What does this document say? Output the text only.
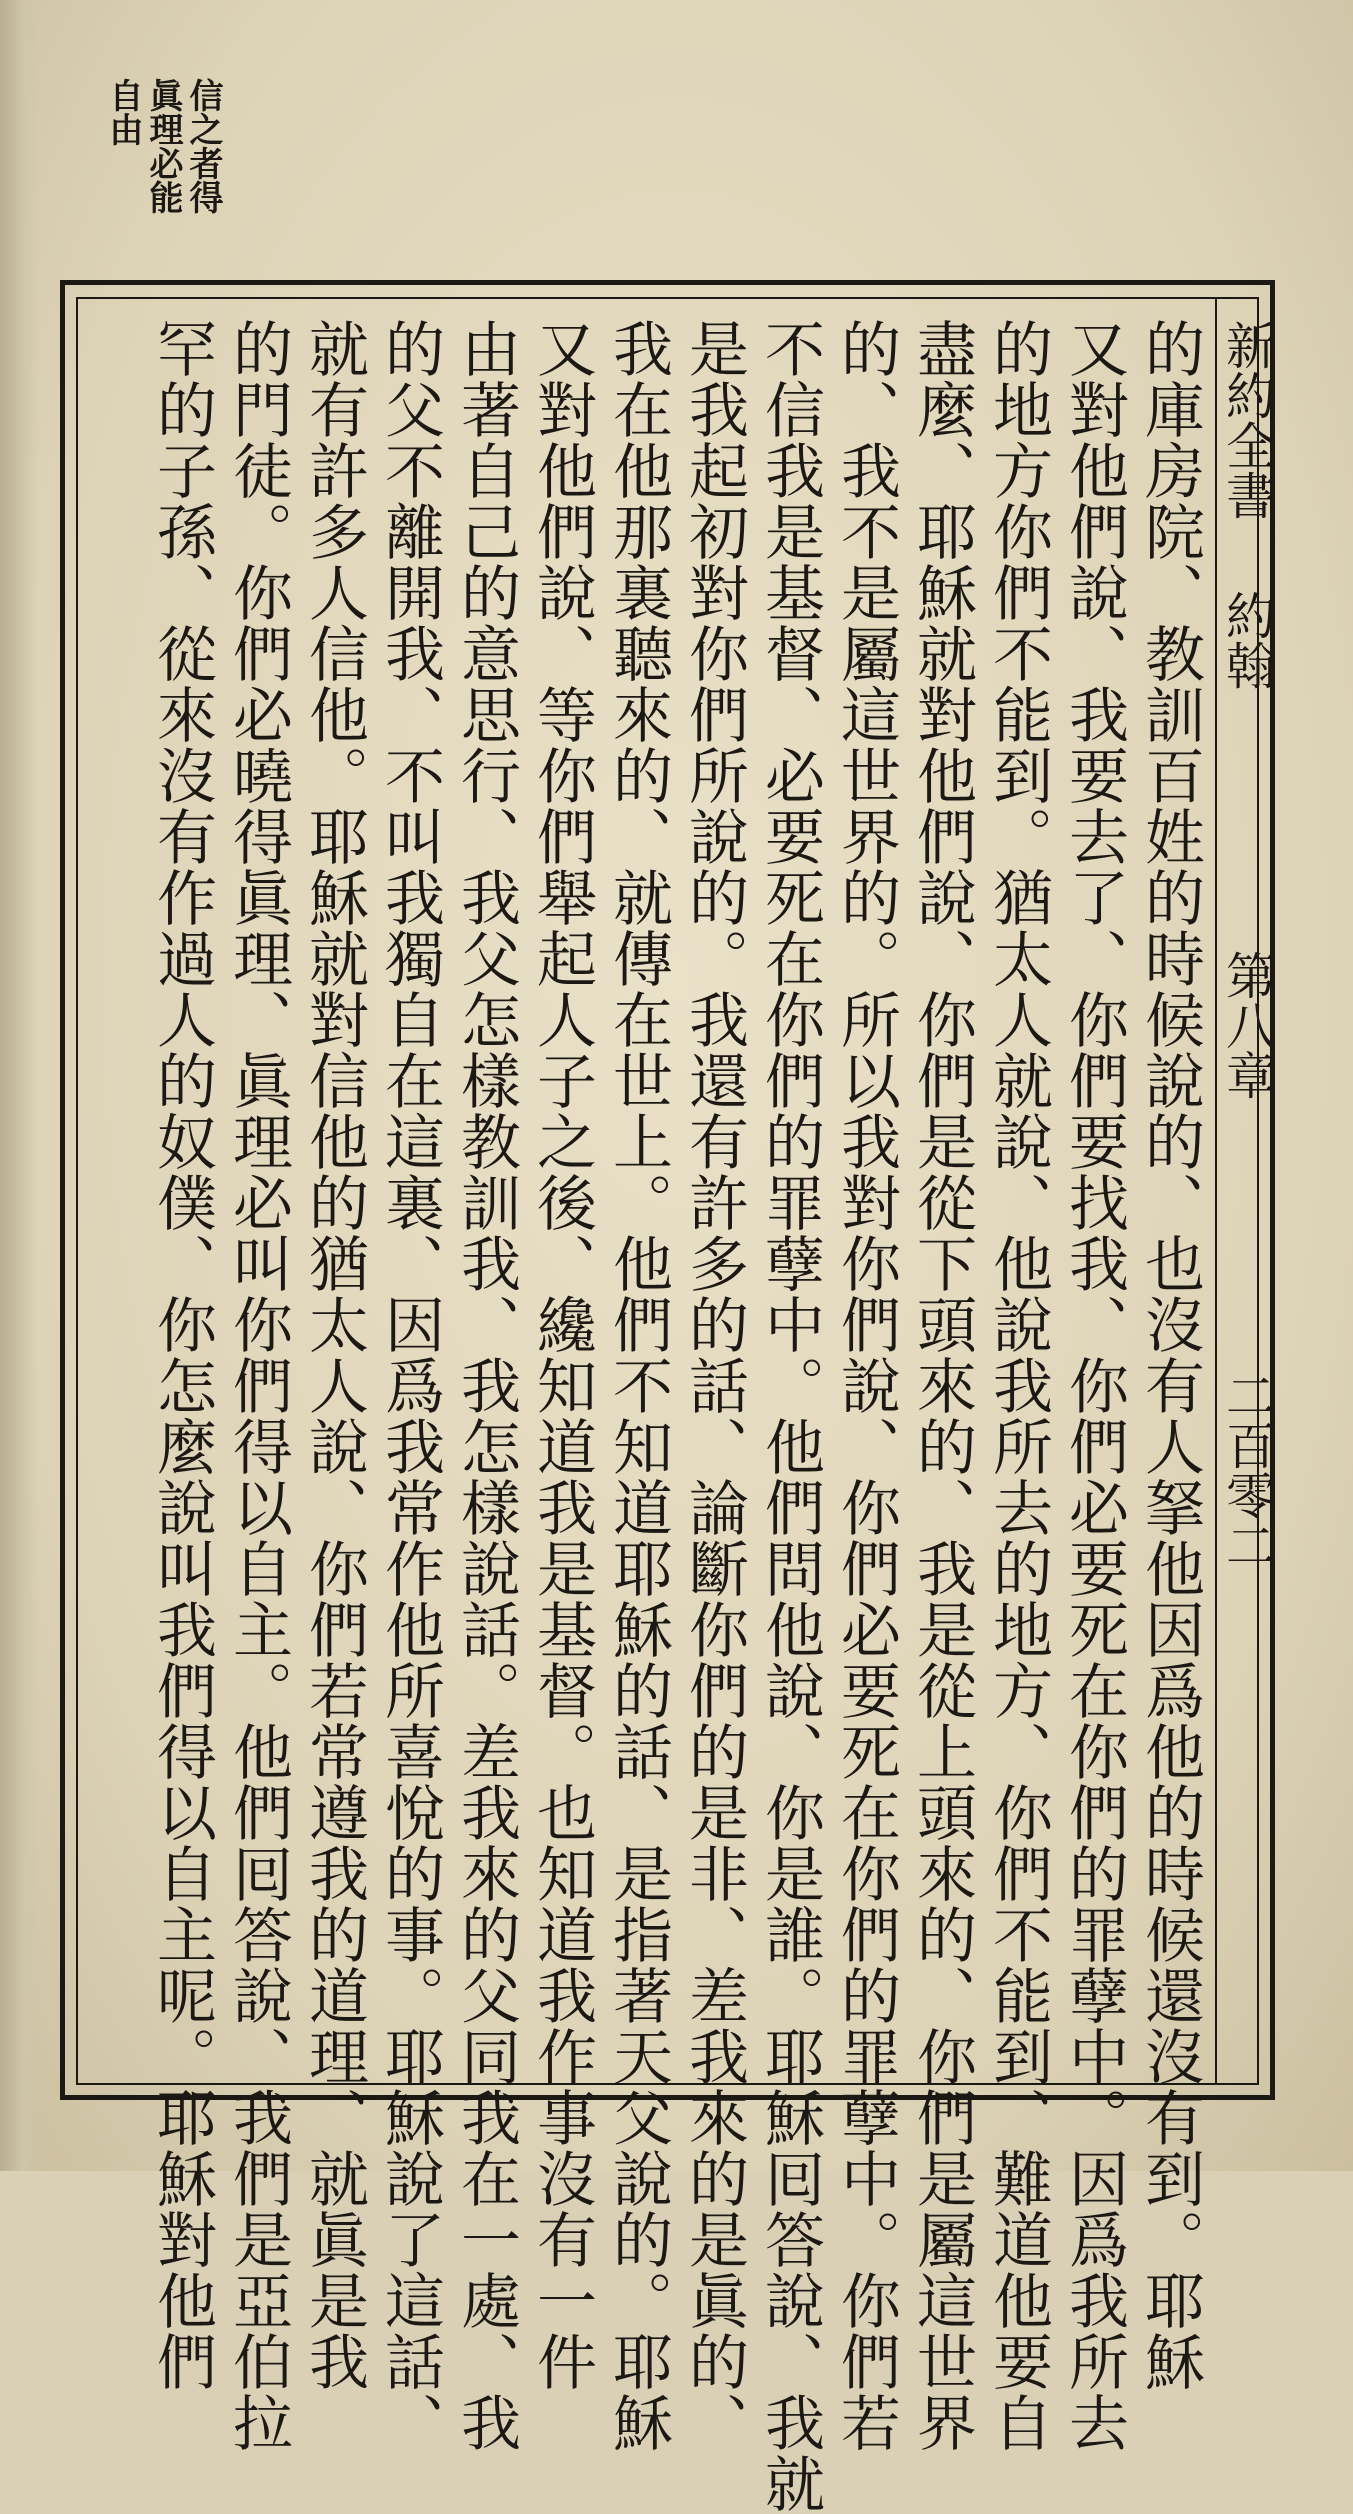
信之者得
眞理必能
自由
新約全書約翰第八章二百零二
的庫房院、教訓百姓的時候說的、也沒有人拏他因爲他的時候還沒有到。耶穌
又對他們說、我要去了、你們要找我、你們必要死在你們的罪孽中。因爲我所去
的地方你們不能到。猶太人就說、他說我所去的地方、你們不能到、難道他要自
盡麼、耶穌就對他們說、你們是從下頭來的、我是從上頭來的、你們是屬這世界
的、我不是屬這世界的。所以我對你們說、你們必要死在你們的罪孽中。你們若
不信我是基督、必要死在你們的罪孽中。他們問他說、你是誰。耶穌囘答說、我就
是我起初對你們所說的。我還有許多的話、論斷你們的是非、差我來的是眞的、
我在他那裏聽來的、就傳在世上。他們不知道耶穌的話、是指著天父說的。耶穌
又對他們說、等你們舉起人子之後、纔知道我是基督。也知道我作事沒有一件
由著自己的意思行、我父怎樣教訓我、我怎樣說話。差我來的父同我在一處、我
的父不離開我、不叫我獨自在這裏、因爲我常作他所喜悅的事。耶穌說了這話、
就有許多人信他。耶穌就對信他的猶太人說、你們若常遵我的道理、就眞是我
的門徒。你們必曉得眞理、眞理必叫你們得以自主。他們囘答說、我們是亞伯拉
罕的子孫、從來沒有作過人的奴僕、你怎麼說叫我們得以自主呢。耶穌對他們
